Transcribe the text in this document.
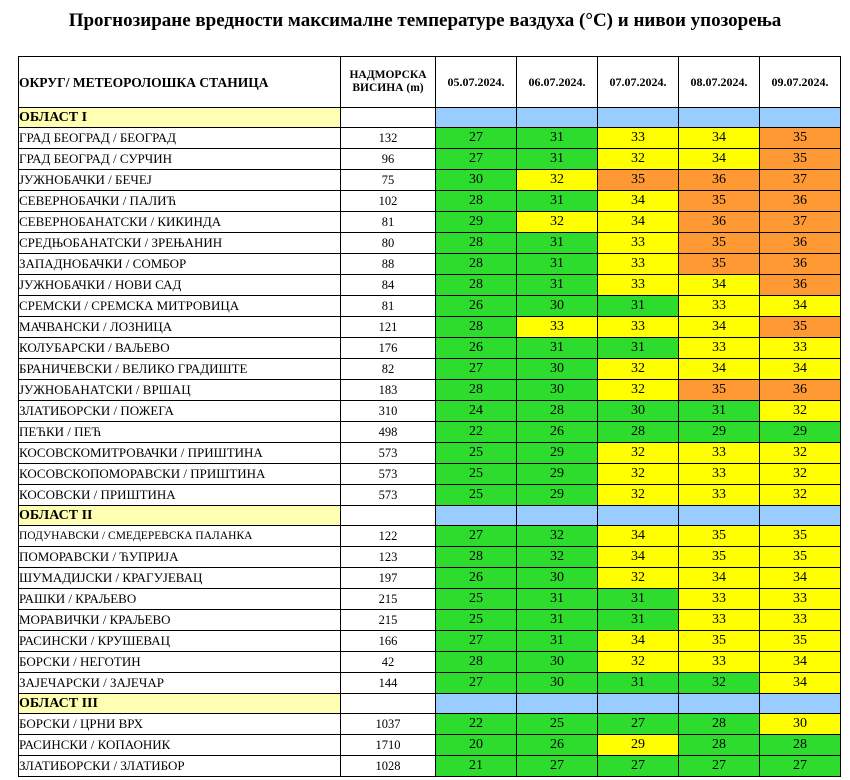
Прогнозиране вредности максималне температуре ваздуха (°C) и нивои упозорења
ОКРУГ/ МЕТЕОРОЛОШКА СТАНИЦА	НАДМОРСКА
ВИСИНА (m)	05.07.2024.	06.07.2024.	07.07.2024.	08.07.2024.	09.07.2024.
ОБЛАСТ I						
ГРАД БЕОГРАД / БЕОГРАД	132	27	31	33	34	35
ГРАД БЕОГРАД / СУРЧИН	96	27	31	32	34	35
ЈУЖНОБАЧКИ / БЕЧЕЈ	75	30	32	35	36	37
СЕВЕРНОБАЧКИ / ПАЛИЋ	102	28	31	34	35	36
СЕВЕРНОБАНАТСКИ / КИКИНДА	81	29	32	34	36	37
СРЕДЊОБАНАТСКИ / ЗРЕЊАНИН	80	28	31	33	35	36
ЗАПАДНОБАЧКИ / СОМБОР	88	28	31	33	35	36
ЈУЖНОБАЧКИ / НОВИ САД	84	28	31	33	34	36
СРЕМСКИ / СРЕМСКА МИТРОВИЦА	81	26	30	31	33	34
МАЧВАНСКИ / ЛОЗНИЦА	121	28	33	33	34	35
КОЛУБАРСКИ / ВАЉЕВО	176	26	31	31	33	33
БРАНИЧЕВСКИ / ВЕЛИКО ГРАДИШТЕ	82	27	30	32	34	34
ЈУЖНОБАНАТСКИ / ВРШАЦ	183	28	30	32	35	36
ЗЛАТИБОРСКИ / ПОЖЕГА	310	24	28	30	31	32
ПЕЋКИ / ПЕЋ	498	22	26	28	29	29
КОСОВСКОМИТРОВАЧКИ / ПРИШТИНА	573	25	29	32	33	32
КОСОВСКОПОМОРАВСКИ / ПРИШТИНА	573	25	29	32	33	32
КОСОВСКИ / ПРИШТИНА	573	25	29	32	33	32
ОБЛАСТ II						
ПОДУНАВСКИ / СМЕДЕРЕВСКА ПАЛАНКА	122	27	32	34	35	35
ПОМОРАВСКИ / ЋУПРИЈА	123	28	32	34	35	35
ШУМАДИЈСКИ / КРАГУЈЕВАЦ	197	26	30	32	34	34
РАШКИ / КРАЉЕВО	215	25	31	31	33	33
МОРАВИЧКИ / КРАЉЕВО	215	25	31	31	33	33
РАСИНСКИ / КРУШЕВАЦ	166	27	31	34	35	35
БОРСКИ / НЕГОТИН	42	28	30	32	33	34
ЗАЈЕЧАРСКИ / ЗАЈЕЧАР	144	27	30	31	32	34
ОБЛАСТ III						
БОРСКИ / ЦРНИ ВРХ	1037	22	25	27	28	30
РАСИНСКИ / КОПАОНИК	1710	20	26	29	28	28
ЗЛАТИБОРСКИ / ЗЛАТИБОР	1028	21	27	27	27	27
